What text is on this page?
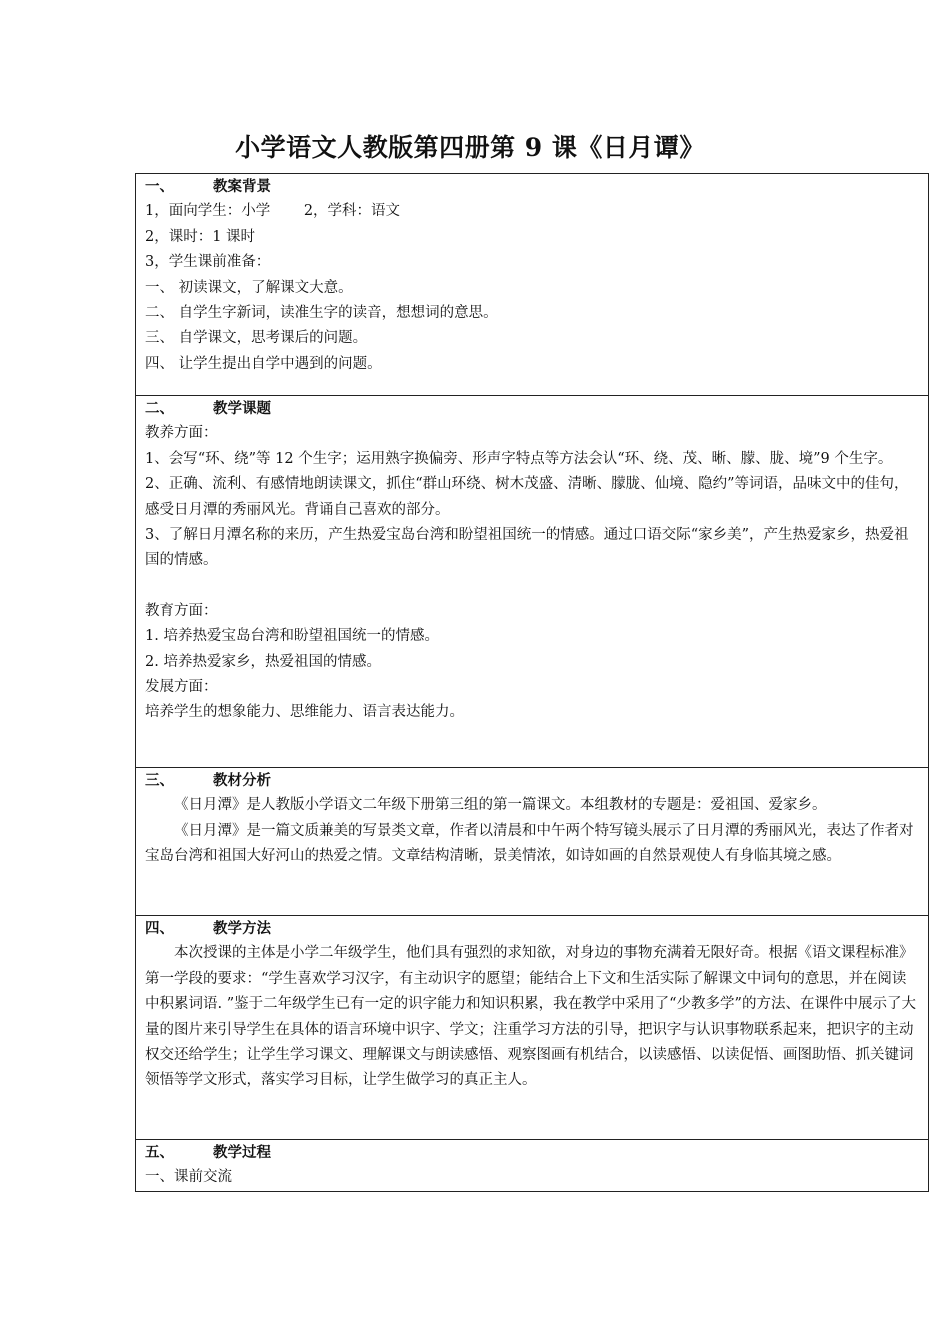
小学语文人教版第四册第 9 课《日月谭》
一、	教案背景
1，面向学生：小学　　 2，学科：语文
2，课时：1 课时
3，学生课前准备：
一、 初读课文，了解课文大意。
二、 自学生字新词，读准生字的读音，想想词的意思。
三、 自学课文，思考课后的问题。
四、 让学生提出自学中遇到的问题。

二、	教学课题
教养方面：
1、会写“环、绕”等 12 个生字；运用熟字换偏旁、形声字特点等方法会认“环、绕、茂、晰、朦、胧、境”9 个生字。
2、正确、流利、有感情地朗读课文，抓住“群山环绕、树木茂盛、清晰、朦胧、仙境、隐约”等词语，品味文中的佳句，感受日月潭的秀丽风光。背诵自己喜欢的部分。
3、了解日月潭名称的来历，产生热爱宝岛台湾和盼望祖国统一的情感。通过口语交际“家乡美”，产生热爱家乡，热爱祖国的情感。
教育方面：
1. 培养热爱宝岛台湾和盼望祖国统一的情感。
2. 培养热爱家乡，热爱祖国的情感。
发展方面：
培养学生的想象能力、思维能力、语言表达能力。

三、	教材分析
《日月潭》是人教版小学语文二年级下册第三组的第一篇课文。本组教材的专题是：爱祖国、爱家乡。
《日月潭》是一篇文质兼美的写景类文章，作者以清晨和中午两个特写镜头展示了日月潭的秀丽风光，表达了作者对宝岛台湾和祖国大好河山的热爱之情。文章结构清晰，景美情浓，如诗如画的自然景观使人有身临其境之感。

四、	教学方法
本次授课的主体是小学二年级学生，他们具有强烈的求知欲，对身边的事物充满着无限好奇。根据《语文课程标准》第一学段的要求：“学生喜欢学习汉字，有主动识字的愿望；能结合上下文和生活实际了解课文中词句的意思，并在阅读中积累词语. ”鉴于二年级学生已有一定的识字能力和知识积累，我在教学中采用了“少教多学”的方法、在课件中展示了大量的图片来引导学生在具体的语言环境中识字、学文；注重学习方法的引导，把识字与认识事物联系起来，把识字的主动权交还给学生；让学生学习课文、理解课文与朗读感悟、观察图画有机结合，以读感悟、以读促悟、画图助悟、抓关键词领悟等学文形式，落实学习目标，让学生做学习的真正主人。

五、	教学过程
一、课前交流
